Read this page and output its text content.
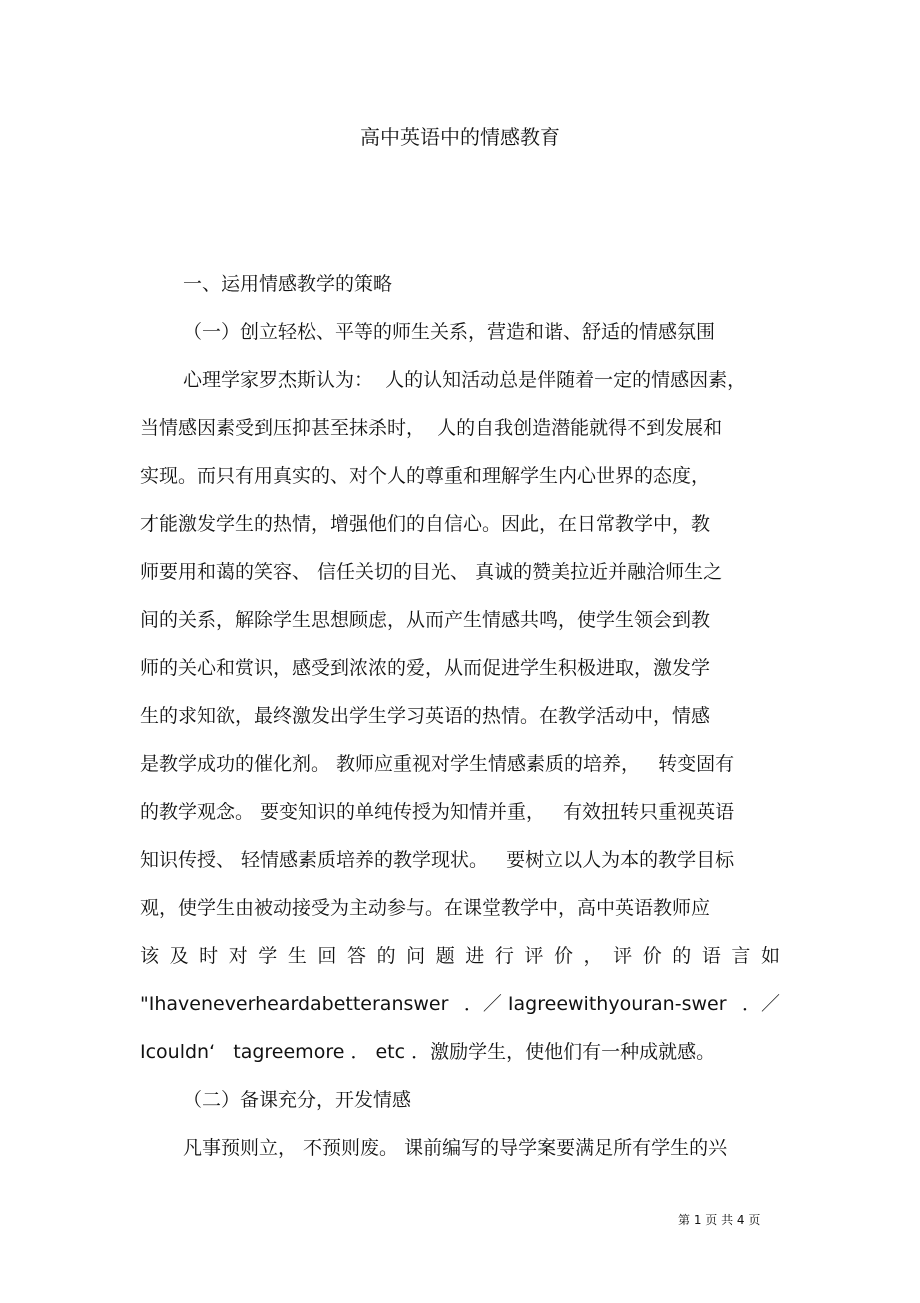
高中英语中的情感教育
一、运用情感教学的策略
（一）创立轻松、平等的师生关系，营造和谐、舒适的情感氛围
心理学家罗杰斯认为：  人的认知活动总是伴随着一定的情感因素，
当情感因素受到压抑甚至抹杀时，  人的自我创造潜能就得不到发展和
实现。而只有用真实的、对个人的尊重和理解学生内心世界的态度，
才能激发学生的热情，增强他们的自信心。因此，在日常教学中，教
师要用和蔼的笑容、 信任关切的目光、 真诚的赞美拉近并融洽师生之
间的关系，解除学生思想顾虑，从而产生情感共鸣，使学生领会到教
师的关心和赏识，感受到浓浓的爱，从而促进学生积极进取，激发学
生的求知欲，最终激发出学生学习英语的热情。在教学活动中，情感
是教学成功的催化剂。 教师应重视对学生情感素质的培养，   转变固有
的教学观念。 要变知识的单纯传授为知情并重，   有效扭转只重视英语
知识传授、 轻情感素质培养的教学现状。   要树立以人为本的教学目标
观，使学生由被动接受为主动参与。在课堂教学中，高中英语教师应
该及时对学生回答的问题进行评价，评价的语言如
"Ihaveneverheardabetteranswer ．／ Iagreewithyouran-swer ．／
Icouldn‘   tagreemore ． etc ．激励学生，使他们有一种成就感。
（二）备课充分，开发情感
凡事预则立， 不预则废。 课前编写的导学案要满足所有学生的兴
第 1 页 共 4 页
